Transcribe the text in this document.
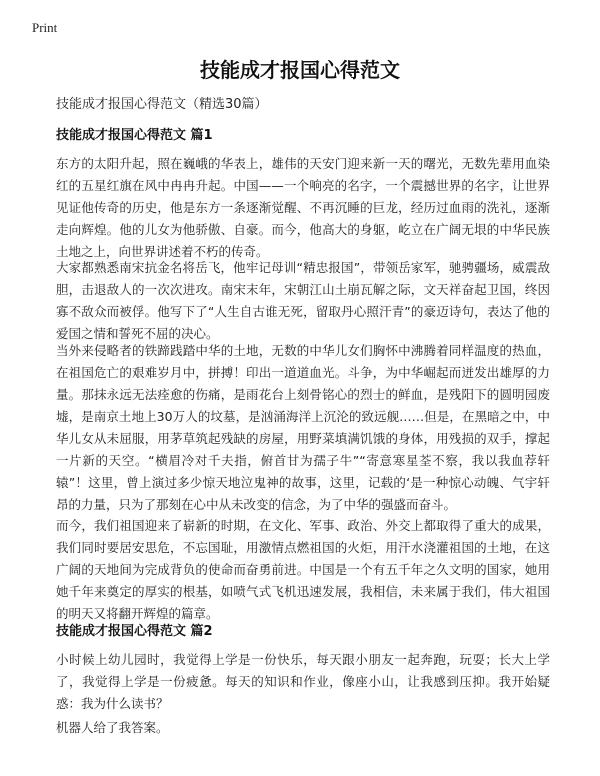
Print
技能成才报国心得范文
技能成才报国心得范文（精选30篇）
技能成才报国心得范文 篇1

东方的太阳升起，照在巍峨的华表上，雄伟的天安门迎来新一天的曙光，无数先辈用血染红的五星红旗在风中冉冉升起。中国——一个响亮的名字，一个震撼世界的名字，让世界见证他传奇的历史，他是东方一条逐渐觉醒、不再沉睡的巨龙，经历过血雨的洗礼，逐渐走向辉煌。他的儿女为他骄傲、自豪。而今，他高大的身躯，屹立在广阔无垠的中华民族土地之上，向世界讲述着不朽的传奇。

大家都熟悉南宋抗金名将岳飞，他牢记母训“精忠报国”，带领岳家军，驰骋疆场，威震敌胆，击退敌人的一次次进攻。南宋末年，宋朝江山土崩瓦解之际，文天祥奋起卫国，终因寡不敌众而被俘。他写下了“人生自古谁无死，留取丹心照汗青”的豪迈诗句，表达了他的爱国之情和誓死不屈的决心。

当外来侵略者的铁蹄践踏中华的土地，无数的中华儿女们胸怀中沸腾着同样温度的热血，在祖国危亡的艰难岁月中，拼搏！印出一道道血光。斗争，为中华崛起而迸发出雄厚的力量。那抹永远无法痊愈的伤痛，是雨花台上刻骨铭心的烈士的鲜血，是残阳下的圆明园废墟，是南京土地上30万人的坟墓，是汹涌海洋上沉沦的致远舰……但是，在黑暗之中，中华儿女从未屈服，用茅草筑起残缺的房屋，用野菜填满饥饿的身体，用残损的双手，撑起一片新的天空。“横眉冷对千夫指，俯首甘为孺子牛”“寄意寒星荃不察，我以我血荐轩辕”！这里，曾上演过多少惊天地泣鬼神的故事，这里，记载的‘是一种惊心动魄、气宇轩昂的力量，只为了那刻在心中从未改变的信念，为了中华的强盛而奋斗。

而今，我们祖国迎来了崭新的时期，在文化、军事、政治、外交上都取得了重大的成果，我们同时要居安思危，不忘国耻，用激情点燃祖国的火炬，用汗水浇灌祖国的土地，在这广阔的天地间为完成背负的使命而奋勇前进。中国是一个有五千年之久文明的国家，她用她千年来奠定的厚实的根基，如喷气式飞机迅速发展，我相信，未来属于我们，伟大祖国的明天又将翻开辉煌的篇章。

技能成才报国心得范文 篇2

小时候上幼儿园时，我觉得上学是一份快乐，每天跟小朋友一起奔跑，玩耍；长大上学了，我觉得上学是一份疲惫。每天的知识和作业，像座小山，让我感到压抑。我开始疑惑：我为什么读书？

机器人给了我答案。
